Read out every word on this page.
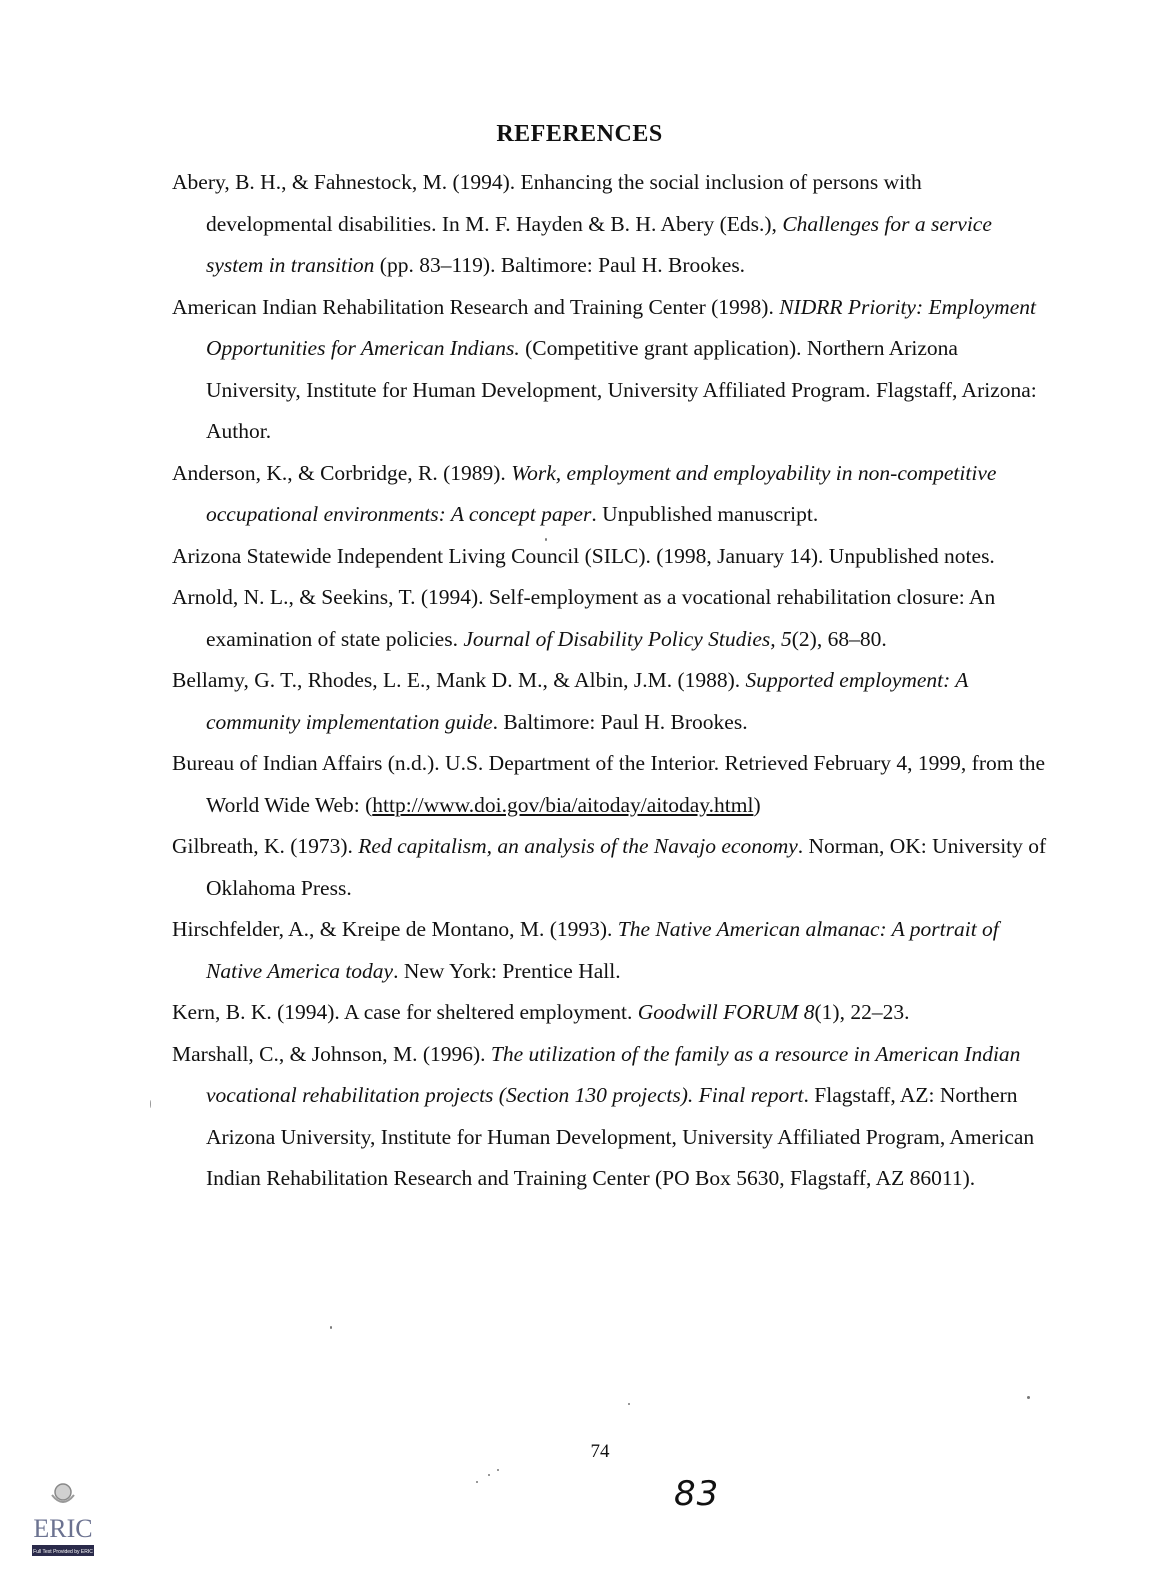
REFERENCES

Abery, B. H., & Fahnestock, M. (1994). Enhancing the social inclusion of persons with developmental disabilities. In M. F. Hayden & B. H. Abery (Eds.), Challenges for a service system in transition (pp. 83–119). Baltimore: Paul H. Brookes.

American Indian Rehabilitation Research and Training Center (1998). NIDRR Priority: Employment Opportunities for American Indians. (Competitive grant application). Northern Arizona University, Institute for Human Development, University Affiliated Program. Flagstaff, Arizona: Author.

Anderson, K., & Corbridge, R. (1989). Work, employment and employability in non-competitive occupational environments: A concept paper. Unpublished manuscript.

Arizona Statewide Independent Living Council (SILC). (1998, January 14). Unpublished notes.

Arnold, N. L., & Seekins, T. (1994). Self-employment as a vocational rehabilitation closure: An examination of state policies. Journal of Disability Policy Studies, 5(2), 68–80.

Bellamy, G. T., Rhodes, L. E., Mank D. M., & Albin, J.M. (1988). Supported employment: A community implementation guide. Baltimore: Paul H. Brookes.

Bureau of Indian Affairs (n.d.). U.S. Department of the Interior. Retrieved February 4, 1999, from the World Wide Web: (http://www.doi.gov/bia/aitoday/aitoday.html)

Gilbreath, K. (1973). Red capitalism, an analysis of the Navajo economy. Norman, OK: University of Oklahoma Press.

Hirschfelder, A., & Kreipe de Montano, M. (1993). The Native American almanac: A portrait of Native America today. New York: Prentice Hall.

Kern, B. K. (1994). A case for sheltered employment. Goodwill FORUM 8(1), 22–23.

Marshall, C., & Johnson, M. (1996). The utilization of the family as a resource in American Indian vocational rehabilitation projects (Section 130 projects). Final report. Flagstaff, AZ: Northern Arizona University, Institute for Human Development, University Affiliated Program, American Indian Rehabilitation Research and Training Center (PO Box 5630, Flagstaff, AZ 86011).

74
83
ERIC
Full Text Provided by ERIC
